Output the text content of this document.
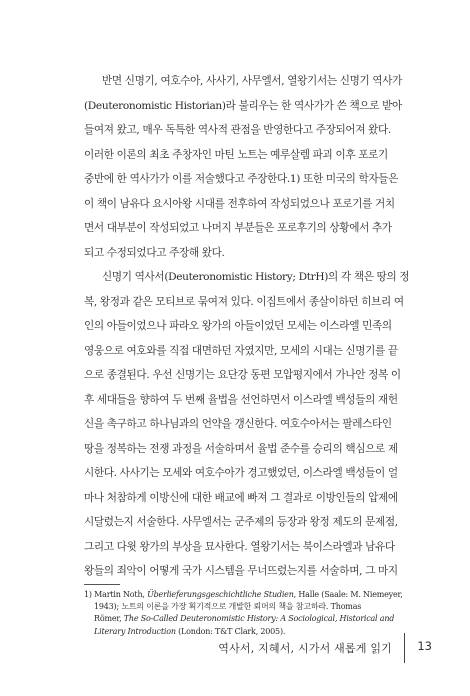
반면 신명기, 여호수아, 사사기, 사무엘서, 열왕기서는 신명기 역사가
(Deuteronomistic Historian)라 불리우는 한 역사가가 쓴 책으로 받아
들여져 왔고, 매우 독특한 역사적 관점을 반영한다고 주장되어져 왔다.
이러한 이론의 최초 주창자인 마틴 노트는 예루살렘 파괴 이후 포로기
중반에 한 역사가가 이를 저술했다고 주장한다.1) 또한 미국의 학자들은
이 책이 남유다 요시아왕 시대를 전후하여 작성되었으나 포로기를 거치
면서 대부분이 작성되었고 나머지 부분들은 포로후기의 상황에서 추가
되고 수정되었다고 주장해 왔다.
신명기 역사서(Deuteronomistic History; DtrH)의 각 책은 땅의 정
복, 왕정과 같은 모티브로 묶여져 있다. 이집트에서 종살이하던 히브리 여
인의 아들이었으나 파라오 왕가의 아들이었던 모세는 이스라엘 민족의
영웅으로 여호와를 직접 대면하던 자였지만, 모세의 시대는 신명기를 끝
으로 종결된다. 우선 신명기는 요단강 동편 모압평지에서 가나안 정복 이
후 세대들을 향하여 두 번째 율법을 선언하면서 이스라엘 백성들의 재헌
신을 촉구하고 하나님과의 언약을 갱신한다. 여호수아서는 팔레스타인
땅을 정복하는 전쟁 과정을 서술하며서 율법 준수를 승리의 핵심으로 제
시한다. 사사기는 모세와 여호수아가 경고했었던, 이스라엘 백성들이 얼
마나 처참하게 이방신에 대한 배교에 빠져 그 결과로 이방인들의 압제에
시달렸는지 서술한다. 사무엘서는 군주제의 등장과 왕정 제도의 문제점,
그리고 다윗 왕가의 부상을 묘사한다. 열왕기서는 북이스라엘과 남유다
왕들의 죄악이 어떻게 국가 시스템을 무너뜨렸는지를 서술하며, 그 마지
1) Martin Noth, Überlieferungsgeschichtliche Studien, Halle (Saale: M. Niemeyer,
1943); 노트의 이론을 가장 획기적으로 개발한 뢰머의 책을 참고하라. Thomas
Römer, The So-Called Deuteronomistic History: A Sociological, Historical and
Literary Introduction (London: T&T Clark, 2005).
역사서, 지혜서, 시가서 새롭게 읽기 13
